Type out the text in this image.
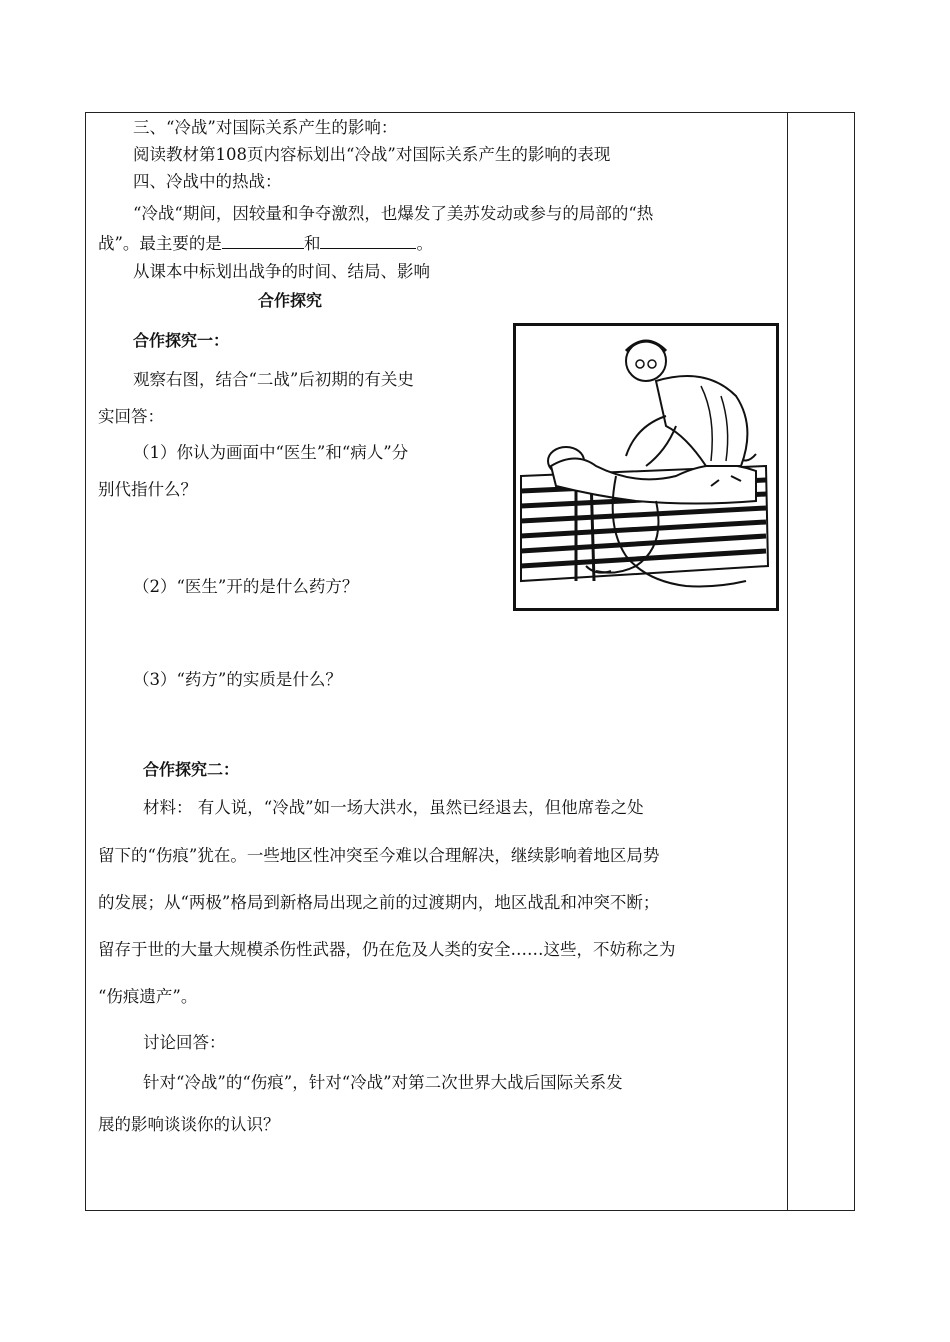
三、“冷战”对国际关系产生的影响：
阅读教材第108页内容标划出“冷战”对国际关系产生的影响的表现
四、冷战中的热战：
“冷战“期间，因较量和争夺激烈，也爆发了美苏发动或参与的局部的“热
战”。最主要的是	和	。
从课本中标划出战争的时间、结局、影响
合作探究
合作探究一：
观察右图，结合“二战”后初期的有关史
实回答：
（1）你认为画面中“医生”和“病人”分
别代指什么？
（2）“医生”开的是什么药方？
（3）“药方”的实质是什么？
合作探究二：
材料： 有人说，“冷战”如一场大洪水，虽然已经退去，但他席卷之处
留下的“伤痕”犹在。一些地区性冲突至今难以合理解决，继续影响着地区局势
的发展；从“两极”格局到新格局出现之前的过渡期内，地区战乱和冲突不断；
留存于世的大量大规模杀伤性武器，仍在危及人类的安全……这些，不妨称之为
“伤痕遗产”。
讨论回答：
针对“冷战”的“伤痕”，针对“冷战”对第二次世界大战后国际关系发
展的影响谈谈你的认识？
